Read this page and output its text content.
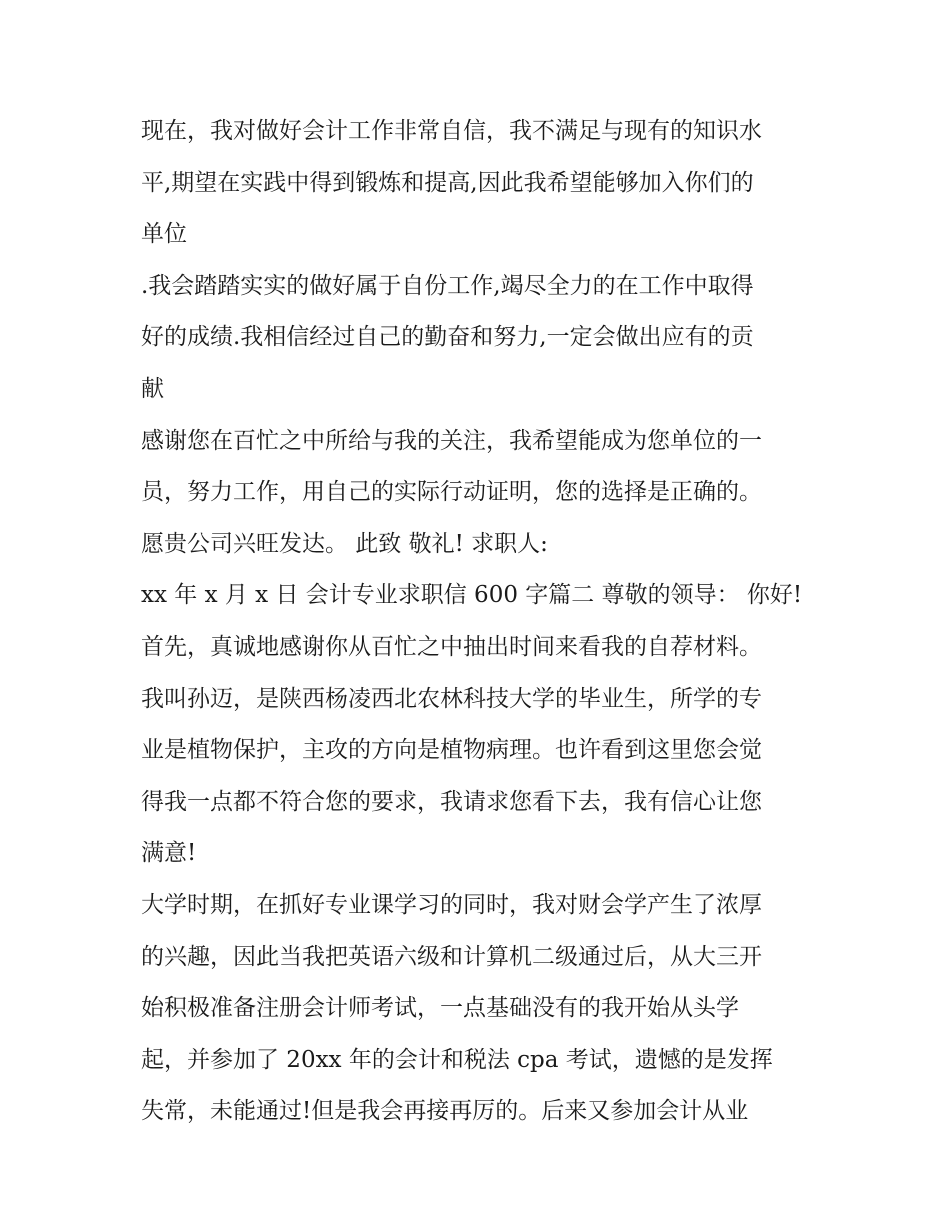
现在，我对做好会计工作非常自信，我不满足与现有的知识水
平,期望在实践中得到锻炼和提高,因此我希望能够加入你们的
单位
.我会踏踏实实的做好属于自份工作,竭尽全力的在工作中取得
好的成绩.我相信经过自己的勤奋和努力,一定会做出应有的贡
献
感谢您在百忙之中所给与我的关注，我希望能成为您单位的一
员，努力工作，用自己的实际行动证明，您的选择是正确的。
愿贵公司兴旺发达。 此致 敬礼! 求职人:
xx 年 x 月 x 日 会计专业求职信 600 字篇二 尊敬的领导： 你好!
首先，真诚地感谢你从百忙之中抽出时间来看我的自荐材料。
我叫孙迈，是陕西杨凌西北农林科技大学的毕业生，所学的专
业是植物保护，主攻的方向是植物病理。也许看到这里您会觉
得我一点都不符合您的要求，我请求您看下去，我有信心让您
满意!
大学时期，在抓好专业课学习的同时，我对财会学产生了浓厚
的兴趣，因此当我把英语六级和计算机二级通过后，从大三开
始积极准备注册会计师考试，一点基础没有的我开始从头学
起，并参加了 20xx 年的会计和税法 cpa 考试，遗憾的是发挥
失常，未能通过!但是我会再接再厉的。后来又参加会计从业
